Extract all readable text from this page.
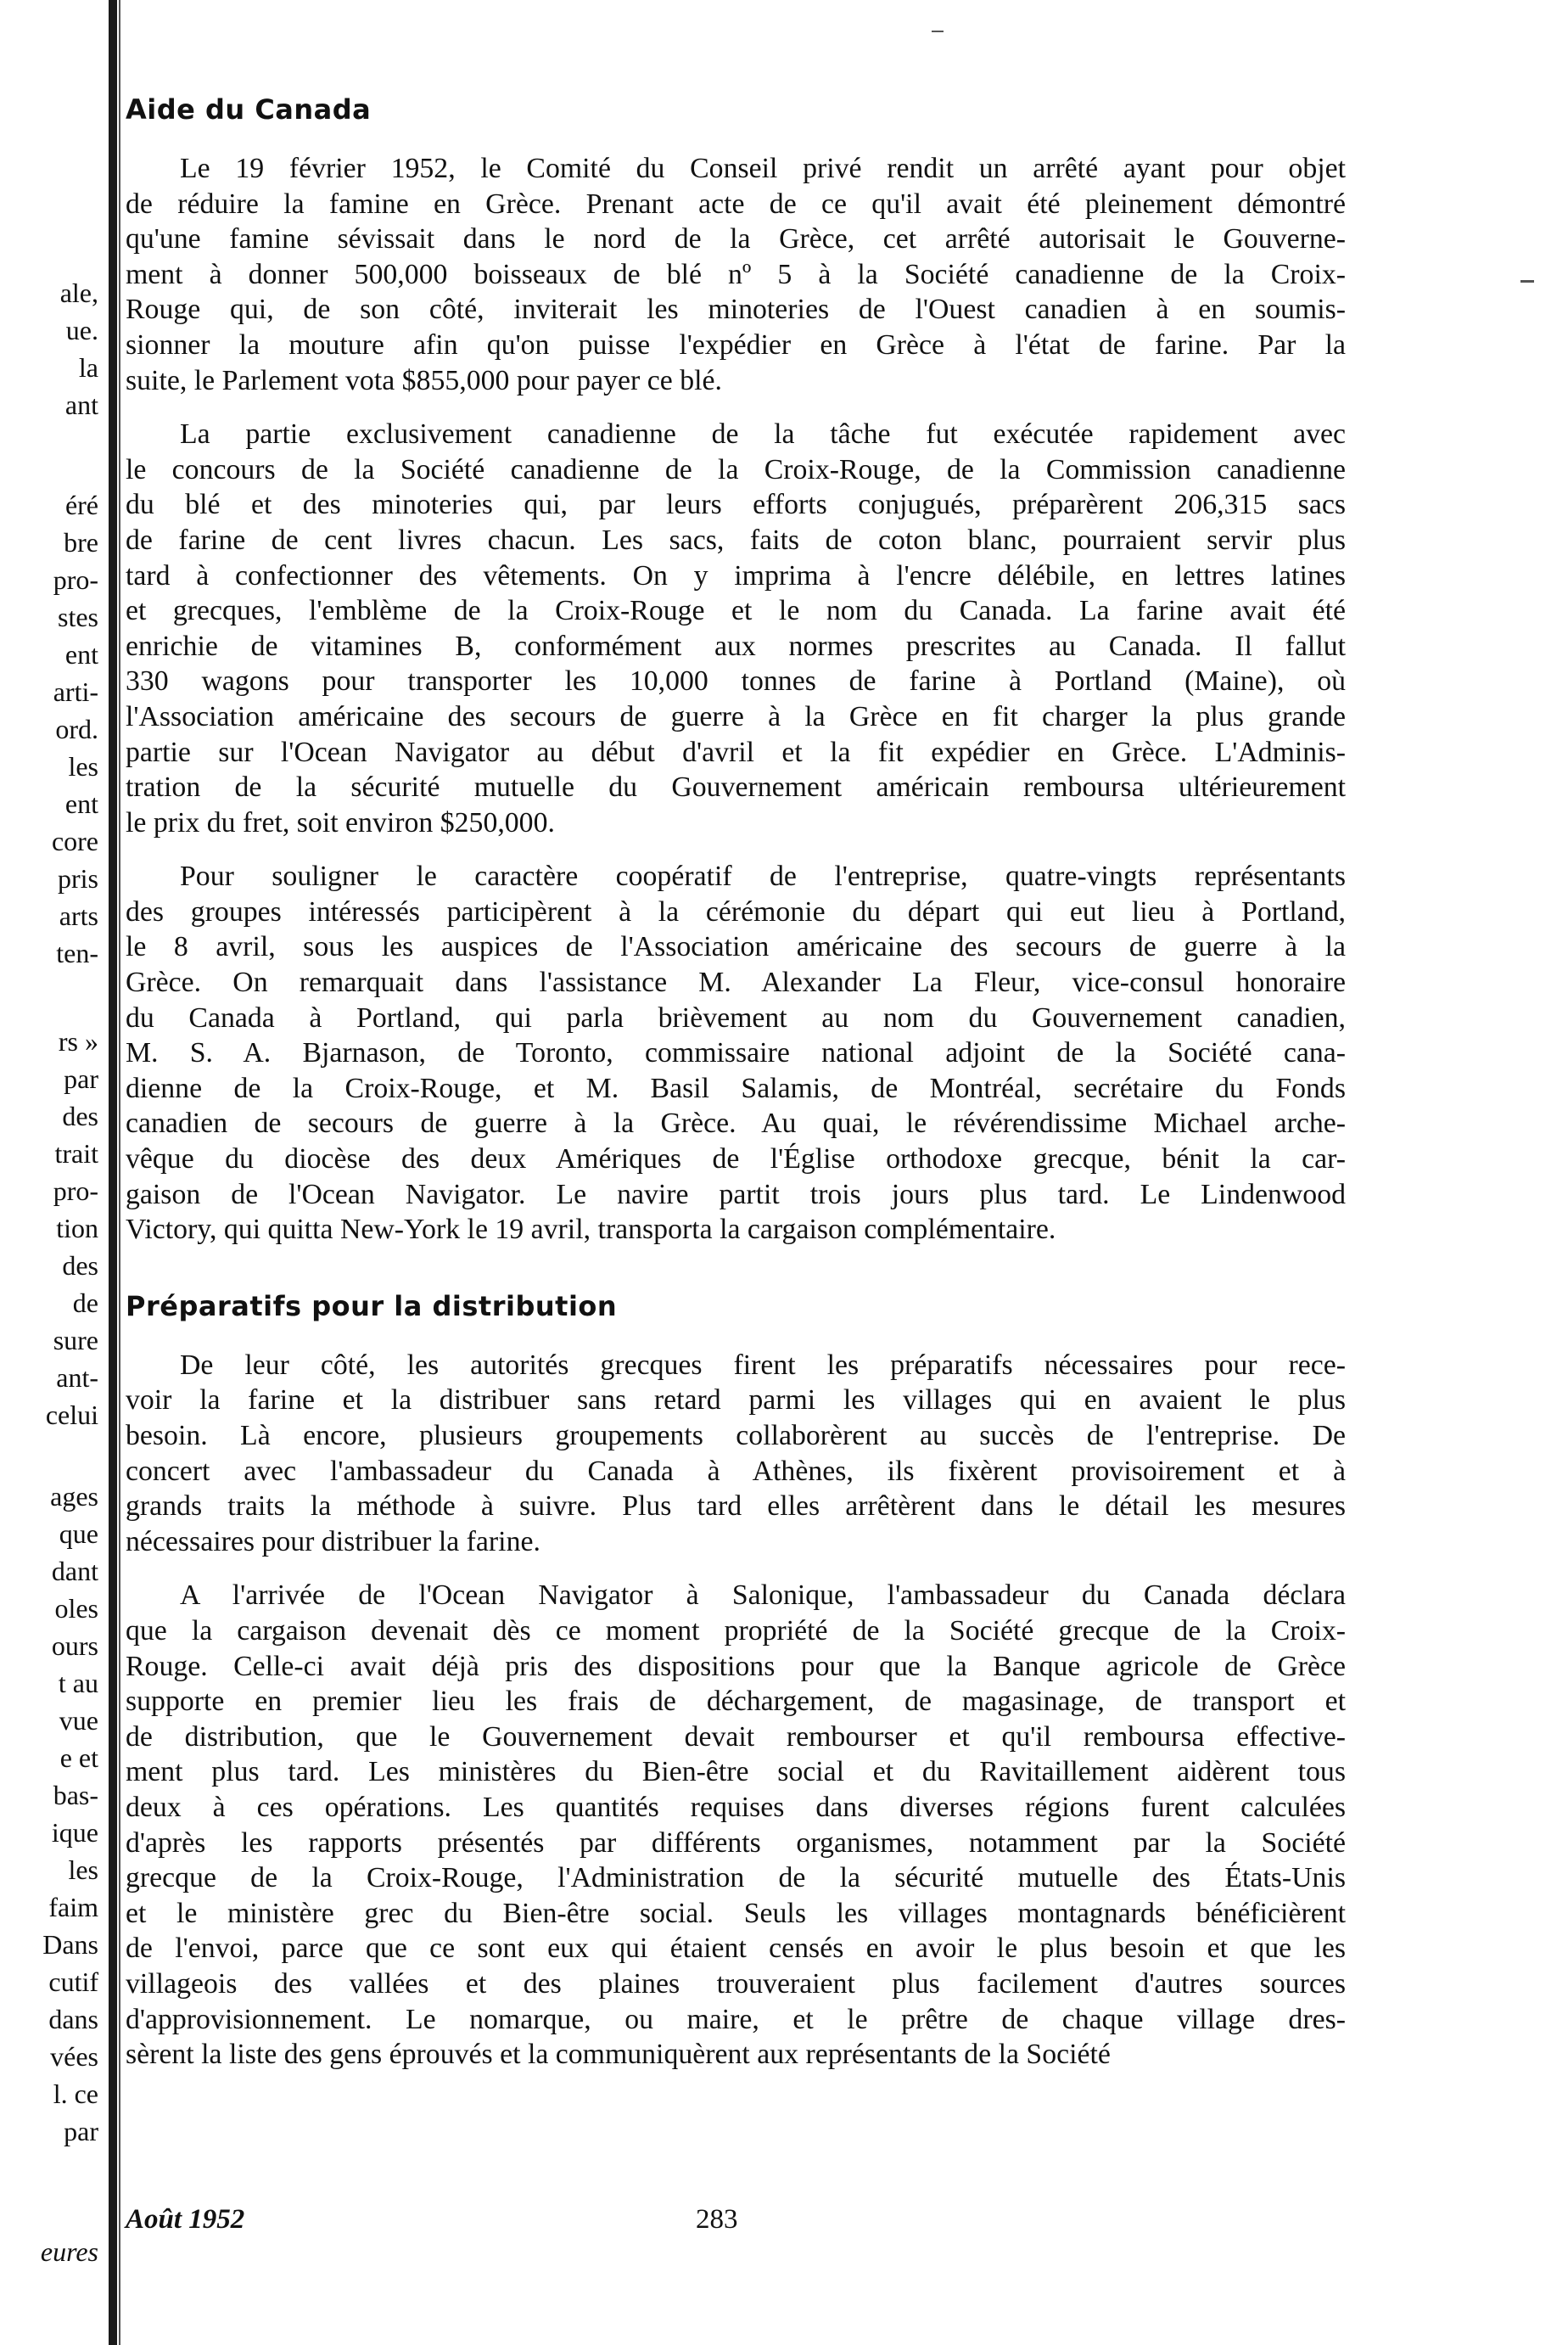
ale,
ue.
la
ant
éré
bre
pro-
stes
ent
arti-
ord.
les
ent
core
pris
arts
ten-
rs »
par
des
trait
pro-
tion
des
de
sure
ant-
celui
ages
que
dant
oles
ours
t au
vue
e et
bas-
ique
les
faim
Dans
cutif
dans
vées
l. ce
par
eures
Aide du Canada

Le 19 février 1952, le Comité du Conseil privé rendit un arrêté ayant pour objet
de réduire la famine en Grèce. Prenant acte de ce qu'il avait été pleinement démontré
qu'une famine sévissait dans le nord de la Grèce, cet arrêté autorisait le Gouverne-
ment à donner 500,000 boisseaux de blé nº 5 à la Société canadienne de la Croix-
Rouge qui, de son côté, inviterait les minoteries de l'Ouest canadien à en soumis-
sionner la mouture afin qu'on puisse l'expédier en Grèce à l'état de farine. Par la
suite, le Parlement vota $855,000 pour payer ce blé.

La partie exclusivement canadienne de la tâche fut exécutée rapidement avec
le concours de la Société canadienne de la Croix-Rouge, de la Commission canadienne
du blé et des minoteries qui, par leurs efforts conjugués, préparèrent 206,315 sacs
de farine de cent livres chacun. Les sacs, faits de coton blanc, pourraient servir plus
tard à confectionner des vêtements. On y imprima à l'encre délébile, en lettres latines
et grecques, l'emblème de la Croix-Rouge et le nom du Canada. La farine avait été
enrichie de vitamines B, conformément aux normes prescrites au Canada. Il fallut
330 wagons pour transporter les 10,000 tonnes de farine à Portland (Maine), où
l'Association américaine des secours de guerre à la Grèce en fit charger la plus grande
partie sur l'Ocean Navigator au début d'avril et la fit expédier en Grèce. L'Adminis-
tration de la sécurité mutuelle du Gouvernement américain remboursa ultérieurement
le prix du fret, soit environ $250,000.

Pour souligner le caractère coopératif de l'entreprise, quatre-vingts représentants
des groupes intéressés participèrent à la cérémonie du départ qui eut lieu à Portland,
le 8 avril, sous les auspices de l'Association américaine des secours de guerre à la
Grèce. On remarquait dans l'assistance M. Alexander La Fleur, vice-consul honoraire
du Canada à Portland, qui parla brièvement au nom du Gouvernement canadien,
M. S. A. Bjarnason, de Toronto, commissaire national adjoint de la Société cana-
dienne de la Croix-Rouge, et M. Basil Salamis, de Montréal, secrétaire du Fonds
canadien de secours de guerre à la Grèce. Au quai, le révérendissime Michael arche-
vêque du diocèse des deux Amériques de l'Église orthodoxe grecque, bénit la car-
gaison de l'Ocean Navigator. Le navire partit trois jours plus tard. Le Lindenwood
Victory, qui quitta New-York le 19 avril, transporta la cargaison complémentaire.

Préparatifs pour la distribution

De leur côté, les autorités grecques firent les préparatifs nécessaires pour rece-
voir la farine et la distribuer sans retard parmi les villages qui en avaient le plus
besoin. Là encore, plusieurs groupements collaborèrent au succès de l'entreprise. De
concert avec l'ambassadeur du Canada à Athènes, ils fixèrent provisoirement et à
grands traits la méthode à suivre. Plus tard elles arrêtèrent dans le détail les mesures
nécessaires pour distribuer la farine.

A l'arrivée de l'Ocean Navigator à Salonique, l'ambassadeur du Canada déclara
que la cargaison devenait dès ce moment propriété de la Société grecque de la Croix-
Rouge. Celle-ci avait déjà pris des dispositions pour que la Banque agricole de Grèce
supporte en premier lieu les frais de déchargement, de magasinage, de transport et
de distribution, que le Gouvernement devait rembourser et qu'il remboursa effective-
ment plus tard. Les ministères du Bien-être social et du Ravitaillement aidèrent tous
deux à ces opérations. Les quantités requises dans diverses régions furent calculées
d'après les rapports présentés par différents organismes, notamment par la Société
grecque de la Croix-Rouge, l'Administration de la sécurité mutuelle des États-Unis
et le ministère grec du Bien-être social. Seuls les villages montagnards bénéficièrent
de l'envoi, parce que ce sont eux qui étaient censés en avoir le plus besoin et que les
villageois des vallées et des plaines trouveraient plus facilement d'autres sources
d'approvisionnement. Le nomarque, ou maire, et le prêtre de chaque village dres-
sèrent la liste des gens éprouvés et la communiquèrent aux représentants de la Société

Août 1952	283
